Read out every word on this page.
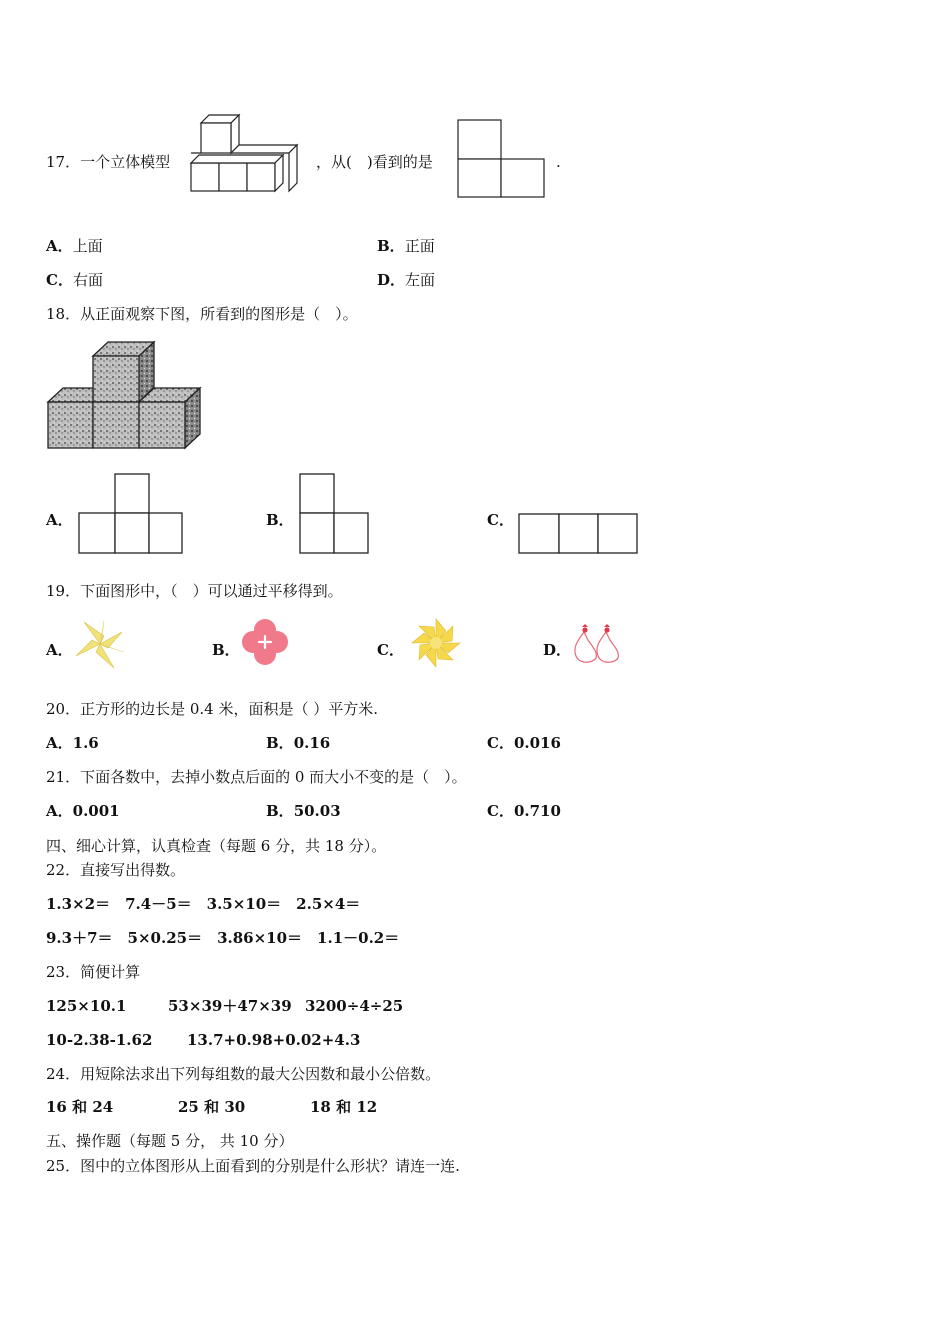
17．一个立体模型	，从(　)看到的是	.
A．上面	B．正面
C．右面	D．左面
18．从正面观察下图，所看到的图形是（　）。
A．	B．	C．
19．下面图形中，（　）可以通过平移得到。
A．	B．	C．	D．
20．正方形的边长是 0.4 米，面积是（ ）平方米.
A．1.6	B．0.16	C．0.016
21．下面各数中，去掉小数点后面的 0 而大小不变的是（　）。
A．0.001	B．50.03	C．0.710
四、细心计算，认真检查（每题 6 分，共 18 分）。
22．直接写出得数。
1.3×2＝　7.4－5＝　3.5×10＝　2.5×4＝
9.3＋7＝　5×0.25＝　3.86×10＝　1.1－0.2＝
23．简便计算
125×10.1	53×39＋47×39 3200÷4÷25
10-2.38-1.62 13.7+0.98+0.02+4.3
24．用短除法求出下列每组数的最大公因数和最小公倍数。
16 和 24	25 和 30	18 和 12
五、操作题（每题 5 分， 共 10 分）
25．图中的立体图形从上面看到的分别是什么形状？请连一连.
